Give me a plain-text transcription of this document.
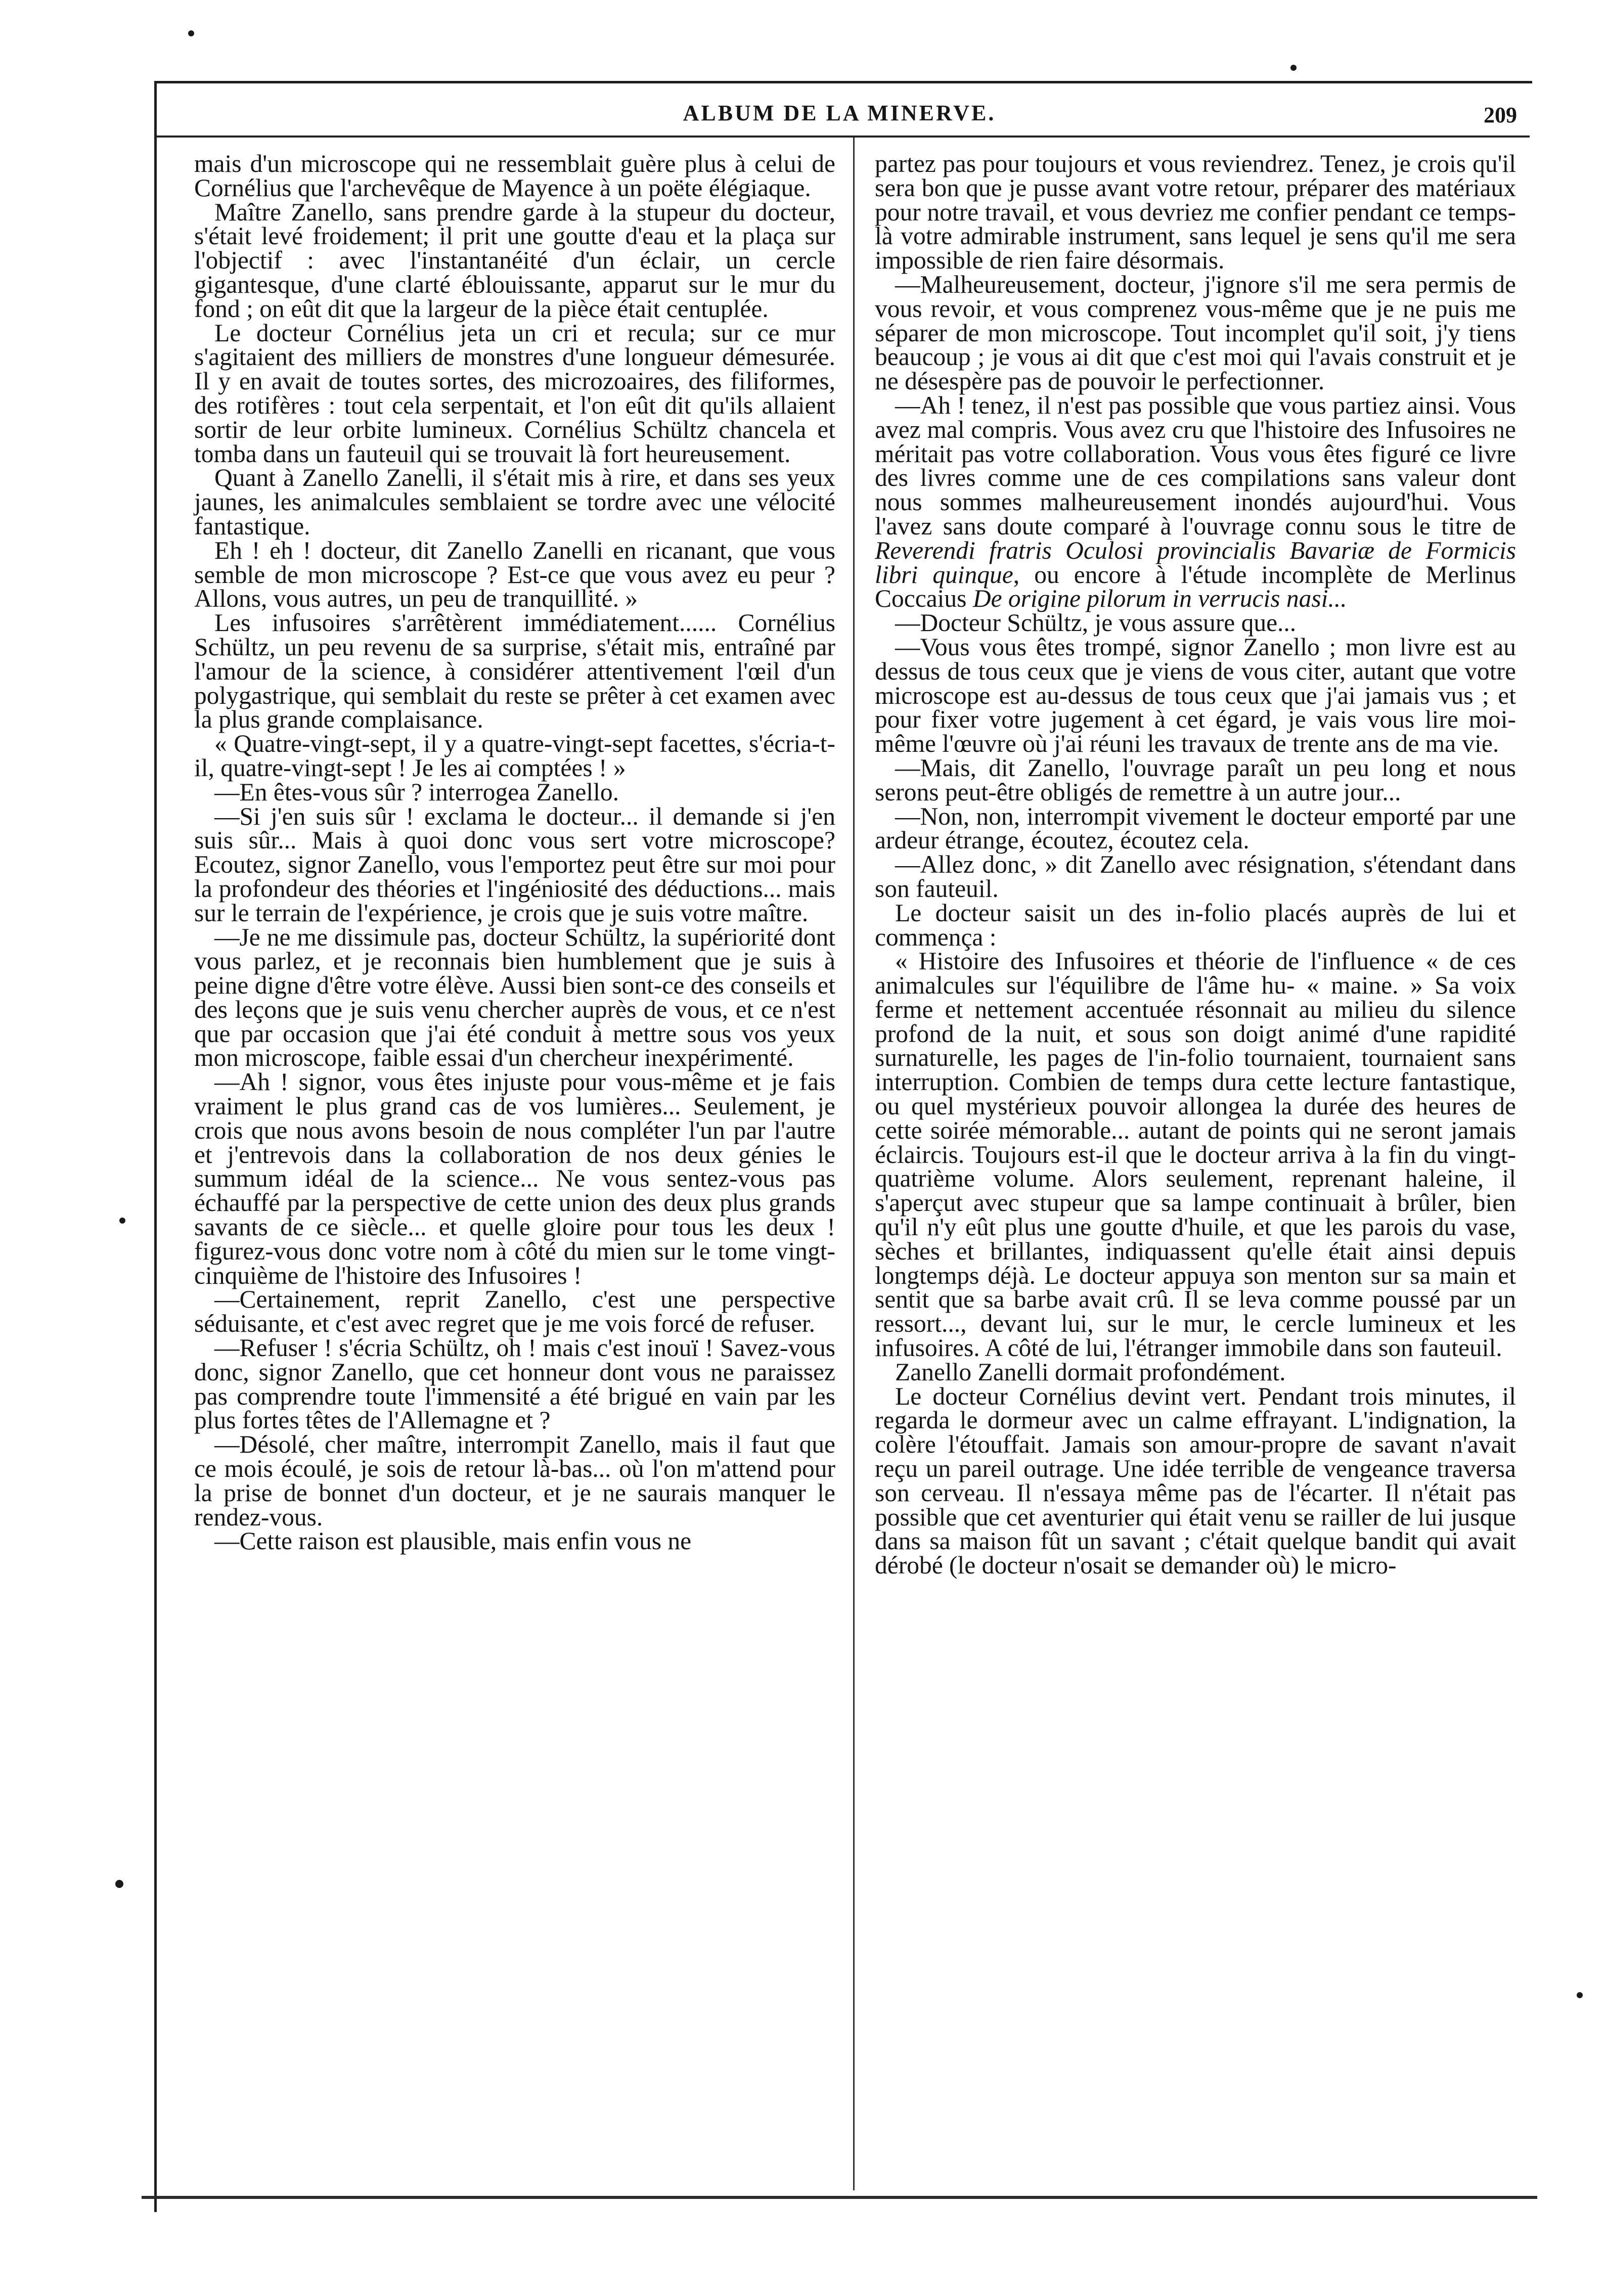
ALBUM DE LA MINERVE.	209

mais d'un microscope qui ne ressemblait guère plus à celui de Cornélius que l'archevêque de Mayence à un poëte élégiaque.

Maître Zanello, sans prendre garde à la stupeur du docteur, s'était levé froidement; il prit une goutte d'eau et la plaça sur l'objectif : avec l'instantanéité d'un éclair, un cercle gigantesque, d'une clarté éblouissante, apparut sur le mur du fond ; on eût dit que la largeur de la pièce était centuplée.

Le docteur Cornélius jeta un cri et recula; sur ce mur s'agitaient des milliers de monstres d'une longueur démesurée. Il y en avait de toutes sortes, des microzoaires, des filiformes, des rotifères : tout cela serpentait, et l'on eût dit qu'ils allaient sortir de leur orbite lumineux. Cornélius Schültz chancela et tomba dans un fauteuil qui se trouvait là fort heureusement.

Quant à Zanello Zanelli, il s'était mis à rire, et dans ses yeux jaunes, les animalcules semblaient se tordre avec une vélocité fantastique.

Eh ! eh ! docteur, dit Zanello Zanelli en ricanant, que vous semble de mon microscope ? Est-ce que vous avez eu peur ? Allons, vous autres, un peu de tranquillité. »

Les infusoires s'arrêtèrent immédiatement...... Cornélius Schültz, un peu revenu de sa surprise, s'était mis, entraîné par l'amour de la science, à considérer attentivement l'œil d'un polygastrique, qui semblait du reste se prêter à cet examen avec la plus grande complaisance.

« Quatre-vingt-sept, il y a quatre-vingt-sept facettes, s'écria-t-il, quatre-vingt-sept ! Je les ai comptées ! »

—En êtes-vous sûr ? interrogea Zanello.

—Si j'en suis sûr ! exclama le docteur... il demande si j'en suis sûr... Mais à quoi donc vous sert votre microscope? Ecoutez, signor Zanello, vous l'emportez peut être sur moi pour la profondeur des théories et l'ingéniosité des déductions... mais sur le terrain de l'expérience, je crois que je suis votre maître.

—Je ne me dissimule pas, docteur Schültz, la supériorité dont vous parlez, et je reconnais bien humblement que je suis à peine digne d'être votre élève. Aussi bien sont-ce des conseils et des leçons que je suis venu chercher auprès de vous, et ce n'est que par occasion que j'ai été conduit à mettre sous vos yeux mon microscope, faible essai d'un chercheur inexpérimenté.

—Ah ! signor, vous êtes injuste pour vous-même et je fais vraiment le plus grand cas de vos lumières... Seulement, je crois que nous avons besoin de nous compléter l'un par l'autre et j'entrevois dans la collaboration de nos deux génies le summum idéal de la science... Ne vous sentez-vous pas échauffé par la perspective de cette union des deux plus grands savants de ce siècle... et quelle gloire pour tous les deux ! figurez-vous donc votre nom à côté du mien sur le tome vingt-cinquième de l'histoire des Infusoires !

—Certainement, reprit Zanello, c'est une perspective séduisante, et c'est avec regret que je me vois forcé de refuser.

—Refuser ! s'écria Schültz, oh ! mais c'est inouï ! Savez-vous donc, signor Zanello, que cet honneur dont vous ne paraissez pas comprendre toute l'immensité a été brigué en vain par les plus fortes têtes de l'Allemagne et ?

—Désolé, cher maître, interrompit Zanello, mais il faut que ce mois écoulé, je sois de retour là-bas... où l'on m'attend pour la prise de bonnet d'un docteur, et je ne saurais manquer le rendez-vous.

—Cette raison est plausible, mais enfin vous ne

partez pas pour toujours et vous reviendrez. Tenez, je crois qu'il sera bon que je pusse avant votre retour, préparer des matériaux pour notre travail, et vous devriez me confier pendant ce temps-là votre admirable instrument, sans lequel je sens qu'il me sera impossible de rien faire désormais.

—Malheureusement, docteur, j'ignore s'il me sera permis de vous revoir, et vous comprenez vous-même que je ne puis me séparer de mon microscope. Tout incomplet qu'il soit, j'y tiens beaucoup ; je vous ai dit que c'est moi qui l'avais construit et je ne désespère pas de pouvoir le perfectionner.

—Ah ! tenez, il n'est pas possible que vous partiez ainsi. Vous avez mal compris. Vous avez cru que l'histoire des Infusoires ne méritait pas votre collaboration. Vous vous êtes figuré ce livre des livres comme une de ces compilations sans valeur dont nous sommes malheureusement inondés aujourd'hui. Vous l'avez sans doute comparé à l'ouvrage connu sous le titre de Reverendi fratris Oculosi provincialis Bavariæ de Formicis libri quinque, ou encore à l'étude incomplète de Merlinus Coccaius De origine pilorum in verrucis nasi...

—Docteur Schültz, je vous assure que...

—Vous vous êtes trompé, signor Zanello ; mon livre est au dessus de tous ceux que je viens de vous citer, autant que votre microscope est au-dessus de tous ceux que j'ai jamais vus ; et pour fixer votre jugement à cet égard, je vais vous lire moi-même l'œuvre où j'ai réuni les travaux de trente ans de ma vie.

—Mais, dit Zanello, l'ouvrage paraît un peu long et nous serons peut-être obligés de remettre à un autre jour...

—Non, non, interrompit vivement le docteur emporté par une ardeur étrange, écoutez, écoutez cela.

—Allez donc, » dit Zanello avec résignation, s'étendant dans son fauteuil.

Le docteur saisit un des in-folio placés auprès de lui et commença :

« Histoire des Infusoires et théorie de l'influence « de ces animalcules sur l'équilibre de l'âme hu- « maine. » Sa voix ferme et nettement accentuée résonnait au milieu du silence profond de la nuit, et sous son doigt animé d'une rapidité surnaturelle, les pages de l'in-folio tournaient, tournaient sans interruption. Combien de temps dura cette lecture fantastique, ou quel mystérieux pouvoir allongea la durée des heures de cette soirée mémorable... autant de points qui ne seront jamais éclaircis. Toujours est-il que le docteur arriva à la fin du vingt-quatrième volume. Alors seulement, reprenant haleine, il s'aperçut avec stupeur que sa lampe continuait à brûler, bien qu'il n'y eût plus une goutte d'huile, et que les parois du vase, sèches et brillantes, indiquassent qu'elle était ainsi depuis longtemps déjà. Le docteur appuya son menton sur sa main et sentit que sa barbe avait crû. Il se leva comme poussé par un ressort..., devant lui, sur le mur, le cercle lumineux et les infusoires. A côté de lui, l'étranger immobile dans son fauteuil.

Zanello Zanelli dormait profondément.

Le docteur Cornélius devint vert. Pendant trois minutes, il regarda le dormeur avec un calme effrayant. L'indignation, la colère l'étouffait. Jamais son amour-propre de savant n'avait reçu un pareil outrage. Une idée terrible de vengeance traversa son cerveau. Il n'essaya même pas de l'écarter. Il n'était pas possible que cet aventurier qui était venu se railler de lui jusque dans sa maison fût un savant ; c'était quelque bandit qui avait dérobé (le docteur n'osait se demander où) le micro-
